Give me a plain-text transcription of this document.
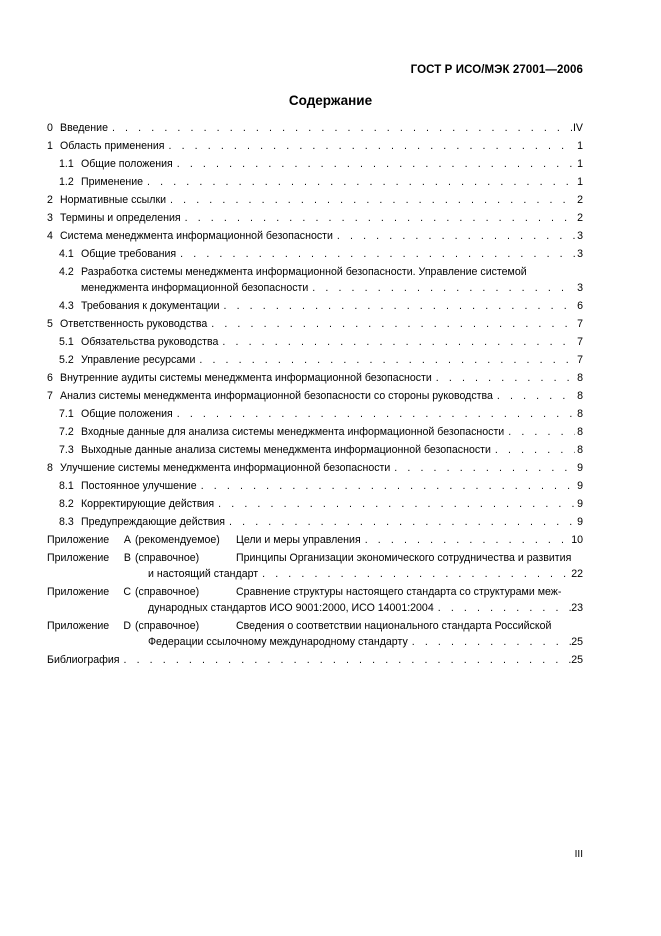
ГОСТ Р ИСО/МЭК 27001—2006
Содержание
0 Введение . . .	IV
1 Область применения . . .	1
1.1 Общие положения . . .	1
1.2 Применение . . .	1
2 Нормативные ссылки . . .	2
3 Термины и определения . . .	2
4 Система менеджмента информационной безопасности . . .	3
4.1 Общие требования . . .	3
4.2 Разработка системы менеджмента информационной безопасности. Управление системой
менеджмента информационной безопасности . . .	3
4.3 Требования к документации . . .	6
5 Ответственность руководства . . .	7
5.1 Обязательства руководства . . .	7
5.2 Управление ресурсами . . .	7
6 Внутренние аудиты системы менеджмента информационной безопасности . . .	8
7 Анализ системы менеджмента информационной безопасности со стороны руководства . . .	8
7.1 Общие положения . . .	8
7.2 Входные данные для анализа системы менеджмента информационной безопасности . . .	8
7.3 Выходные данные анализа системы менеджмента информационной безопасности . . .	8
8 Улучшение системы менеджмента информационной безопасности . . .	9
8.1 Постоянное улучшение . . .	9
8.2 Корректирующие действия . . .	9
8.3 Предупреждающие действия . . .	9
Приложение A (рекомендуемое)	Цели и меры управления . . .	10
Приложение B (справочное)	Принципы Организации экономического сотрудничества и развития
и настоящий стандарт . . .	22
Приложение C (справочное)	Сравнение структуры настоящего стандарта со структурами меж-
дународных стандартов ИСО 9001:2000, ИСО 14001:2004 . . .	23
Приложение D (справочное)	Сведения о соответствии национального стандарта Российской
Федерации ссылочному международному стандарту . . .	25
Библиография . . .	25
III
